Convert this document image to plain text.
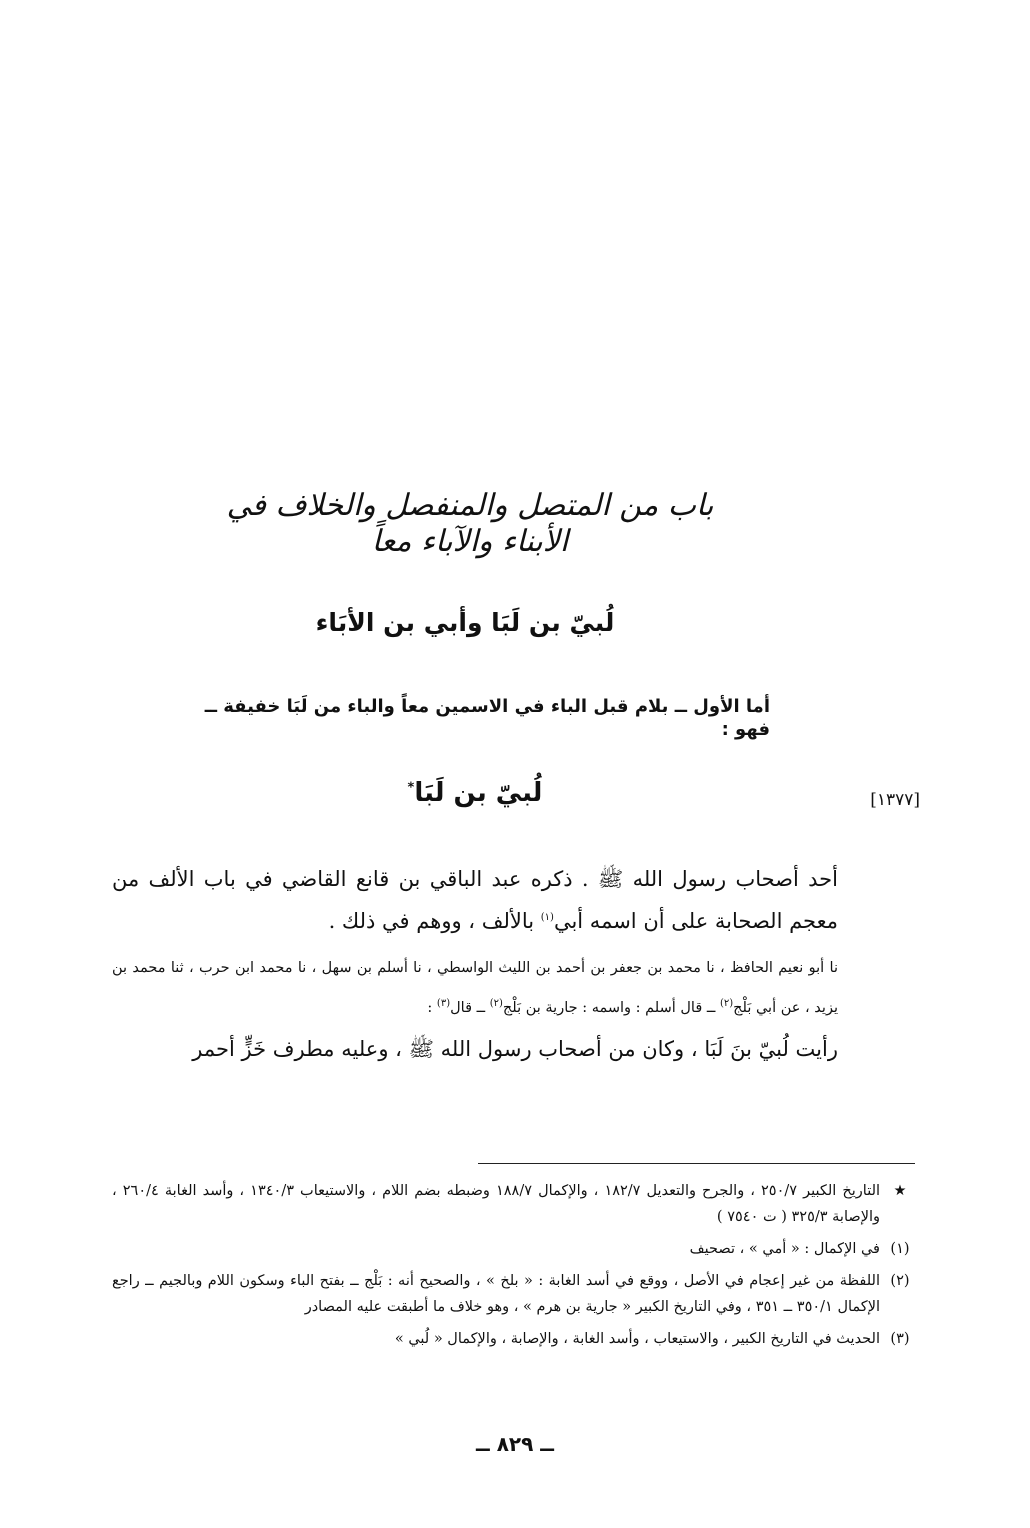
باب من المتصل والمنفصل والخلاف في الأبناء والآباء معاً
لُبيّ بن لَبَا وأبي بن الأبَاء
أما الأول ــ بلام قبل الباء في الاسمين معاً والباء من لَبَا خفيفة ــ فهو :
[١٣٧٧]
لُبيّ بن لَبَا*
أحد أصحاب رسول الله ﷺ . ذكره عبد الباقي بن قانع القاضي في باب الألف من معجم الصحابة على أن اسمه أبي$^{(١)}$ بالألف ، ووهم في ذلك .
نا أبو نعيم الحافظ ، نا محمد بن جعفر بن أحمد بن الليث الواسطي ، نا أسلم بن سهل ، نا محمد ابن حرب ، ثنا محمد بن يزيد ، عن أبي بَلْج$^{(٢)}$ ــ قال أسلم : واسمه : جارية بن بَلْج$^{(٢)}$ ــ قال$^{(٣)}$ :
رأيت لُبيّ بنَ لَبَا ، وكان من أصحاب رسول الله ﷺ ، وعليه مطرف خَزٍّ أحمر
★
التاريخ الكبير ٢٥٠/٧ ، والجرح والتعديل ١٨٢/٧ ، والإكمال ١٨٨/٧ وضبطه بضم اللام ، والاستيعاب ١٣٤٠/٣ ، وأسد الغابة ٢٦٠/٤ ، والإصابة ٣٢٥/٣ ( ت ٧٥٤٠ )
(١)
في الإكمال : « أمي » ، تصحيف
(٢)
اللفظة من غير إعجام في الأصل ، ووقع في أسد الغابة : « بلخ » ، والصحيح أنه : بَلْج ــ بفتح الباء وسكون اللام وبالجيم ــ راجع الإكمال ٣٥٠/١ ــ ٣٥١ ، وفي التاريخ الكبير « جارية بن هرم » ، وهو خلاف ما أطبقت عليه المصادر
(٣)
الحديث في التاريخ الكبير ، والاستيعاب ، وأسد الغابة ، والإصابة ، والإكمال « لُبي »
ــ ٨٢٩ ــ
